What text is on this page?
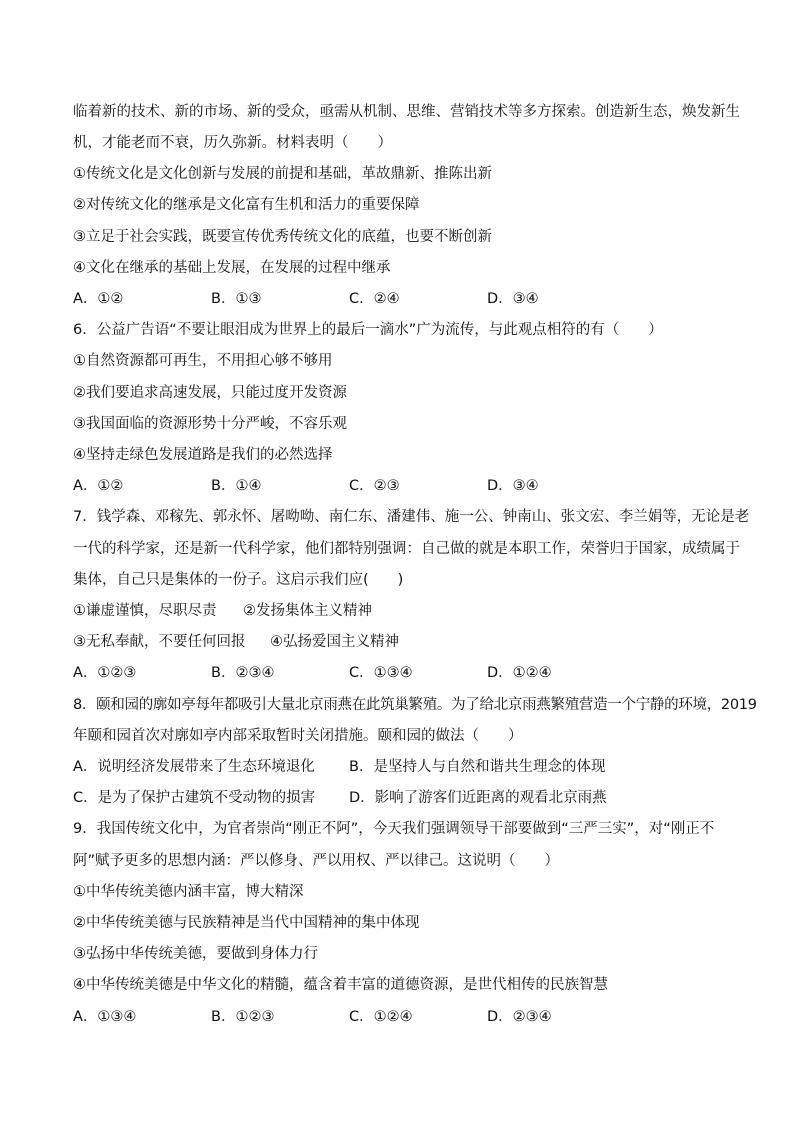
临着新的技术、新的市场、新的受众，亟需从机制、思维、营销技术等多方探索。创造新生态，焕发新生
机，才能老而不衰，历久弥新。材料表明（　　）
①传统文化是文化创新与发展的前提和基础，革故鼎新、推陈出新
②对传统文化的继承是文化富有生机和活力的重要保障
③立足于社会实践，既要宣传优秀传统文化的底蕴，也要不断创新
④文化在继承的基础上发展，在发展的过程中继承
A．①②	B．①③	C．②④	D．③④
6．公益广告语“不要让眼泪成为世界上的最后一滴水”广为流传，与此观点相符的有（　　）
①自然资源都可再生，不用担心够不够用
②我们要追求高速发展，只能过度开发资源
③我国面临的资源形势十分严峻，不容乐观
④坚持走绿色发展道路是我们的必然选择
A．①②	B．①④	C．②③	D．③④
7．钱学森、邓稼先、郭永怀、屠呦呦、南仁东、潘建伟、施一公、钟南山、张文宏、李兰娟等，无论是老
一代的科学家，还是新一代科学家，他们都特别强调：自己做的就是本职工作，荣誉归于国家，成绩属于
集体，自己只是集体的一份子。这启示我们应(　　)
①谦虚谨慎，尽职尽责 ②发扬集体主义精神
③无私奉献，不要任何回报 ④弘扬爱国主义精神
A．①②③	B．②③④	C．①③④	D．①②④
8．颐和园的廓如亭每年都吸引大量北京雨燕在此筑巢繁殖。为了给北京雨燕繁殖营造一个宁静的环境，2019
年颐和园首次对廓如亭内部采取暂时关闭措施。颐和园的做法（　　）
A．说明经济发展带来了生态环境退化 B．是坚持人与自然和谐共生理念的体现
C．是为了保护古建筑不受动物的损害 D．影响了游客们近距离的观看北京雨燕
9．我国传统文化中，为官者崇尚“刚正不阿”，今天我们强调领导干部要做到“三严三实”，对“刚正不
阿”赋予更多的思想内涵：严以修身、严以用权、严以律己。这说明（　　）
①中华传统美德内涵丰富，博大精深
②中华传统美德与民族精神是当代中国精神的集中体现
③弘扬中华传统美德，要做到身体力行
④中华传统美德是中华文化的精髓，蕴含着丰富的道德资源，是世代相传的民族智慧
A．①③④	B．①②③	C．①②④	D．②③④
